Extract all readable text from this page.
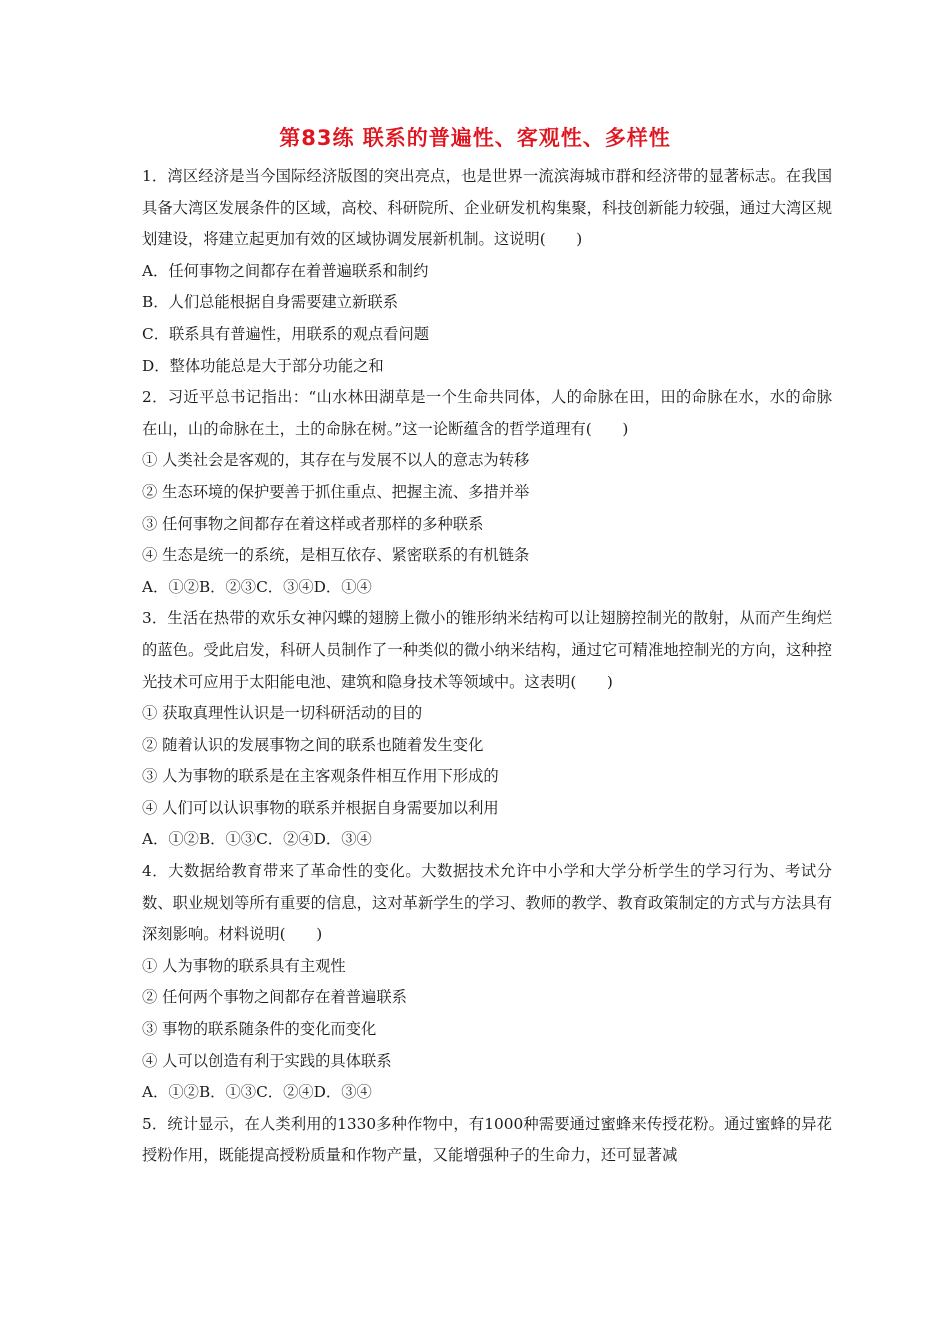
第83练 联系的普遍性、客观性、多样性

1．湾区经济是当今国际经济版图的突出亮点，也是世界一流滨海城市群和经济带的显著标志。在我国具备大湾区发展条件的区域，高校、科研院所、企业研发机构集聚，科技创新能力较强，通过大湾区规划建设，将建立起更加有效的区域协调发展新机制。这说明(　　)

A．任何事物之间都存在着普遍联系和制约

B．人们总能根据自身需要建立新联系

C．联系具有普遍性，用联系的观点看问题

D．整体功能总是大于部分功能之和

2．习近平总书记指出：“山水林田湖草是一个生命共同体，人的命脉在田，田的命脉在水，水的命脉在山，山的命脉在土，土的命脉在树。”这一论断蕴含的哲学道理有(　　)

① 人类社会是客观的，其存在与发展不以人的意志为转移

② 生态环境的保护要善于抓住重点、把握主流、多措并举

③ 任何事物之间都存在着这样或者那样的多种联系

④ 生态是统一的系统，是相互依存、紧密联系的有机链条

A．①②B．②③C．③④D．①④

3．生活在热带的欢乐女神闪蝶的翅膀上微小的锥形纳米结构可以让翅膀控制光的散射，从而产生绚烂的蓝色。受此启发，科研人员制作了一种类似的微小纳米结构，通过它可精准地控制光的方向，这种控光技术可应用于太阳能电池、建筑和隐身技术等领域中。这表明(　　)

① 获取真理性认识是一切科研活动的目的

② 随着认识的发展事物之间的联系也随着发生变化

③ 人为事物的联系是在主客观条件相互作用下形成的

④ 人们可以认识事物的联系并根据自身需要加以利用

A．①②B．①③C．②④D．③④

4．大数据给教育带来了革命性的变化。大数据技术允许中小学和大学分析学生的学习行为、考试分数、职业规划等所有重要的信息，这对革新学生的学习、教师的教学、教育政策制定的方式与方法具有深刻影响。材料说明(　　)

① 人为事物的联系具有主观性

② 任何两个事物之间都存在着普遍联系

③ 事物的联系随条件的变化而变化

④ 人可以创造有利于实践的具体联系

A．①②B．①③C．②④D．③④

5．统计显示，在人类利用的1330多种作物中，有1000种需要通过蜜蜂来传授花粉。通过蜜蜂的异花授粉作用，既能提高授粉质量和作物产量，又能增强种子的生命力，还可显著减
